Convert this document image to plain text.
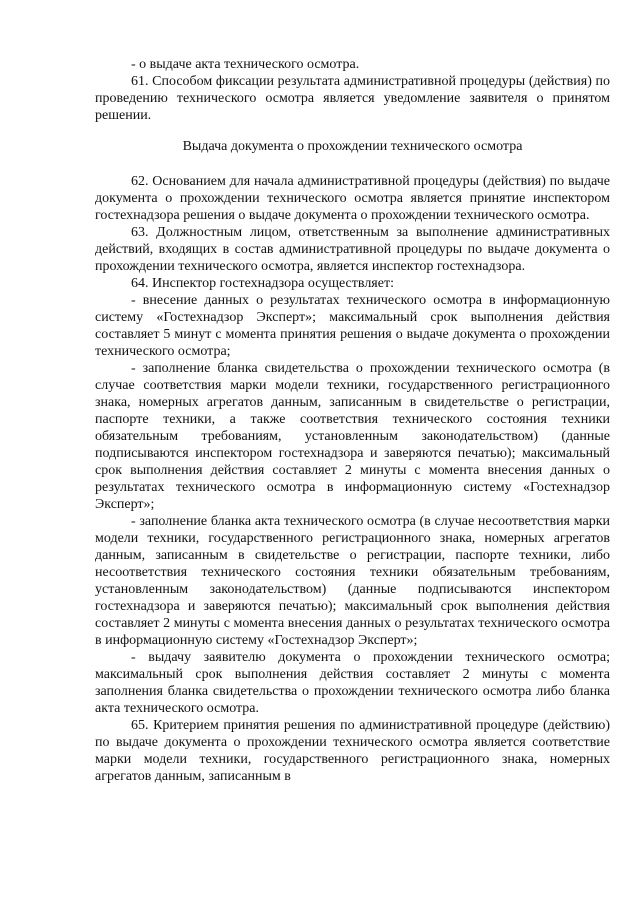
- о выдаче акта технического осмотра.

61. Способом фиксации результата административной процедуры (действия) по проведению технического осмотра является уведомление заявителя о принятом решении.

Выдача документа о прохождении технического осмотра

62. Основанием для начала административной процедуры (действия) по выдаче документа о прохождении технического осмотра является принятие инспектором гостехнадзора решения о выдаче документа о прохождении технического осмотра.

63. Должностным лицом, ответственным за выполнение административных действий, входящих в состав административной процедуры по выдаче документа о прохождении технического осмотра, является инспектор гостехнадзора.

64. Инспектор гостехнадзора осуществляет:

- внесение данных о результатах технического осмотра в информационную систему «Гостехнадзор Эксперт»; максимальный срок выполнения действия составляет 5 минут с момента принятия решения о выдаче документа о прохождении технического осмотра;

- заполнение бланка свидетельства о прохождении технического осмотра (в случае соответствия марки модели техники, государственного регистрационного знака, номерных агрегатов данным, записанным в свидетельстве о регистрации, паспорте техники, а также соответствия технического состояния техники обязательным требованиям, установленным законодательством) (данные подписываются инспектором гостехнадзора и заверяются печатью); максимальный срок выполнения действия составляет 2 минуты с момента внесения данных о результатах технического осмотра в информационную систему «Гостехнадзор Эксперт»;

- заполнение бланка акта технического осмотра (в случае несоответствия марки модели техники, государственного регистрационного знака, номерных агрегатов данным, записанным в свидетельстве о регистрации, паспорте техники, либо несоответствия технического состояния техники обязательным требованиям, установленным законодательством) (данные подписываются инспектором гостехнадзора и заверяются печатью); максимальный срок выполнения действия составляет 2 минуты с момента внесения данных о результатах технического осмотра в информационную систему «Гостехнадзор Эксперт»;

- выдачу заявителю документа о прохождении технического осмотра; максимальный срок выполнения действия составляет 2 минуты с момента заполнения бланка свидетельства о прохождении технического осмотра либо бланка акта технического осмотра.

65. Критерием принятия решения по административной процедуре (действию) по выдаче документа о прохождении технического осмотра является соответствие марки модели техники, государственного регистрационного знака, номерных агрегатов данным, записанным в
